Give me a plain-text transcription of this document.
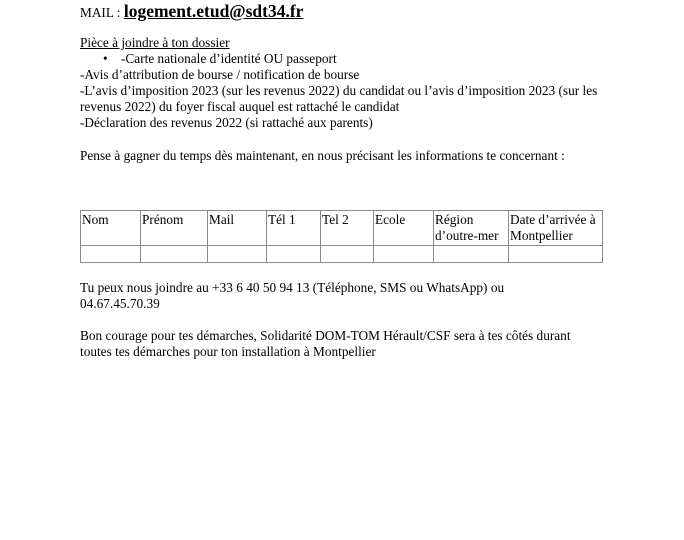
MAIL : logement.etud@sdt34.fr
Pièce à joindre à ton dossier
• -Carte nationale d’identité OU passeport
-Avis d’attribution de bourse / notification de bourse
-L’avis d’imposition 2023 (sur les revenus 2022) du candidat ou l’avis d’imposition 2023 (sur les revenus 2022) du foyer fiscal auquel est rattaché le candidat
-Déclaration des revenus 2022 (si rattaché aux parents)
Pense à gagner du temps dès maintenant, en nous précisant les informations te concernant :
Nom	Prénom	Mail	Tél 1	Tel 2	Ecole	Région d’outre-mer	Date d’arrivée à Montpellier

Tu peux nous joindre au +33 6 40 50 94 13 (Téléphone, SMS ou WhatsApp) ou 04.67.45.70.39
Bon courage pour tes démarches, Solidarité DOM-TOM Hérault/CSF sera à tes côtés durant toutes tes démarches pour ton installation à Montpellier
